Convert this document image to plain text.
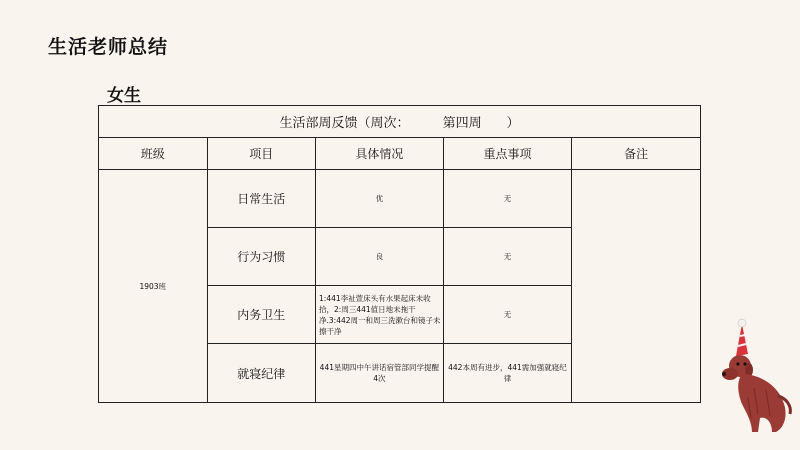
生活老师总结
女生
生活部周反馈（周次： 第四周 ）				
班级	项目	具体情况	重点事项	备注
1903班	日常生活	优	无	
	行为习惯	良	无	
	内务卫生	1:441李祉萱床头有水果起床未收拾，2:周三441值日地未拖干净.3:442周一和周三洗漱台和镜子未擦干净	无	
	就寝纪律	441星期四中午讲话宿管部同学提醒4次	442本周有进步，441需加强就寝纪律	
